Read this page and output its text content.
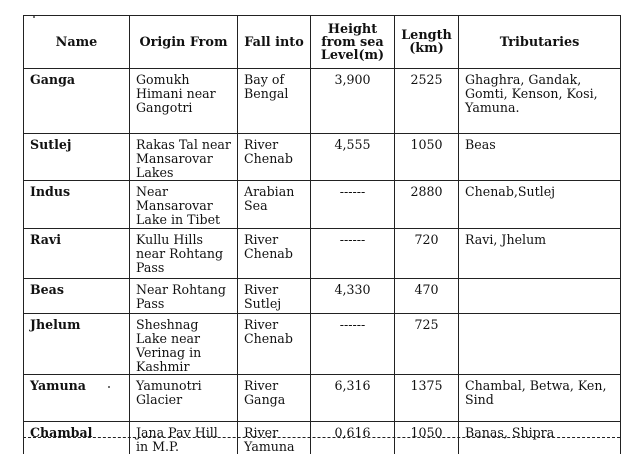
Name	Origin From	Fall into	Height from sea Level(m)	Length (km)	Tributaries
Ganga	Gomukh Himani near Gangotri	Bay of Bengal	3,900	2525	Ghaghra, Gandak, Gomti, Kenson, Kosi, Yamuna.
Sutlej	Rakas Tal near Mansarovar Lakes	River Chenab	4,555	1050	Beas
Indus	Near Mansarovar Lake in Tibet	Arabian Sea	------	2880	Chenab,Sutlej
Ravi	Kullu Hills near Rohtang Pass	River Chenab	------	720	Ravi, Jhelum
Beas	Near Rohtang Pass	River Sutlej	4,330	470	
Jhelum	Sheshnag Lake near Verinag in Kashmir	River Chenab	------	725	
Yamuna	Yamunotri Glacier	River Ganga	6,316	1375	Chambal, Betwa, Ken, Sind
Chambal	Jana Pav Hill in M.P.	River Yamuna	0,616	1050	Banas, Shipra
